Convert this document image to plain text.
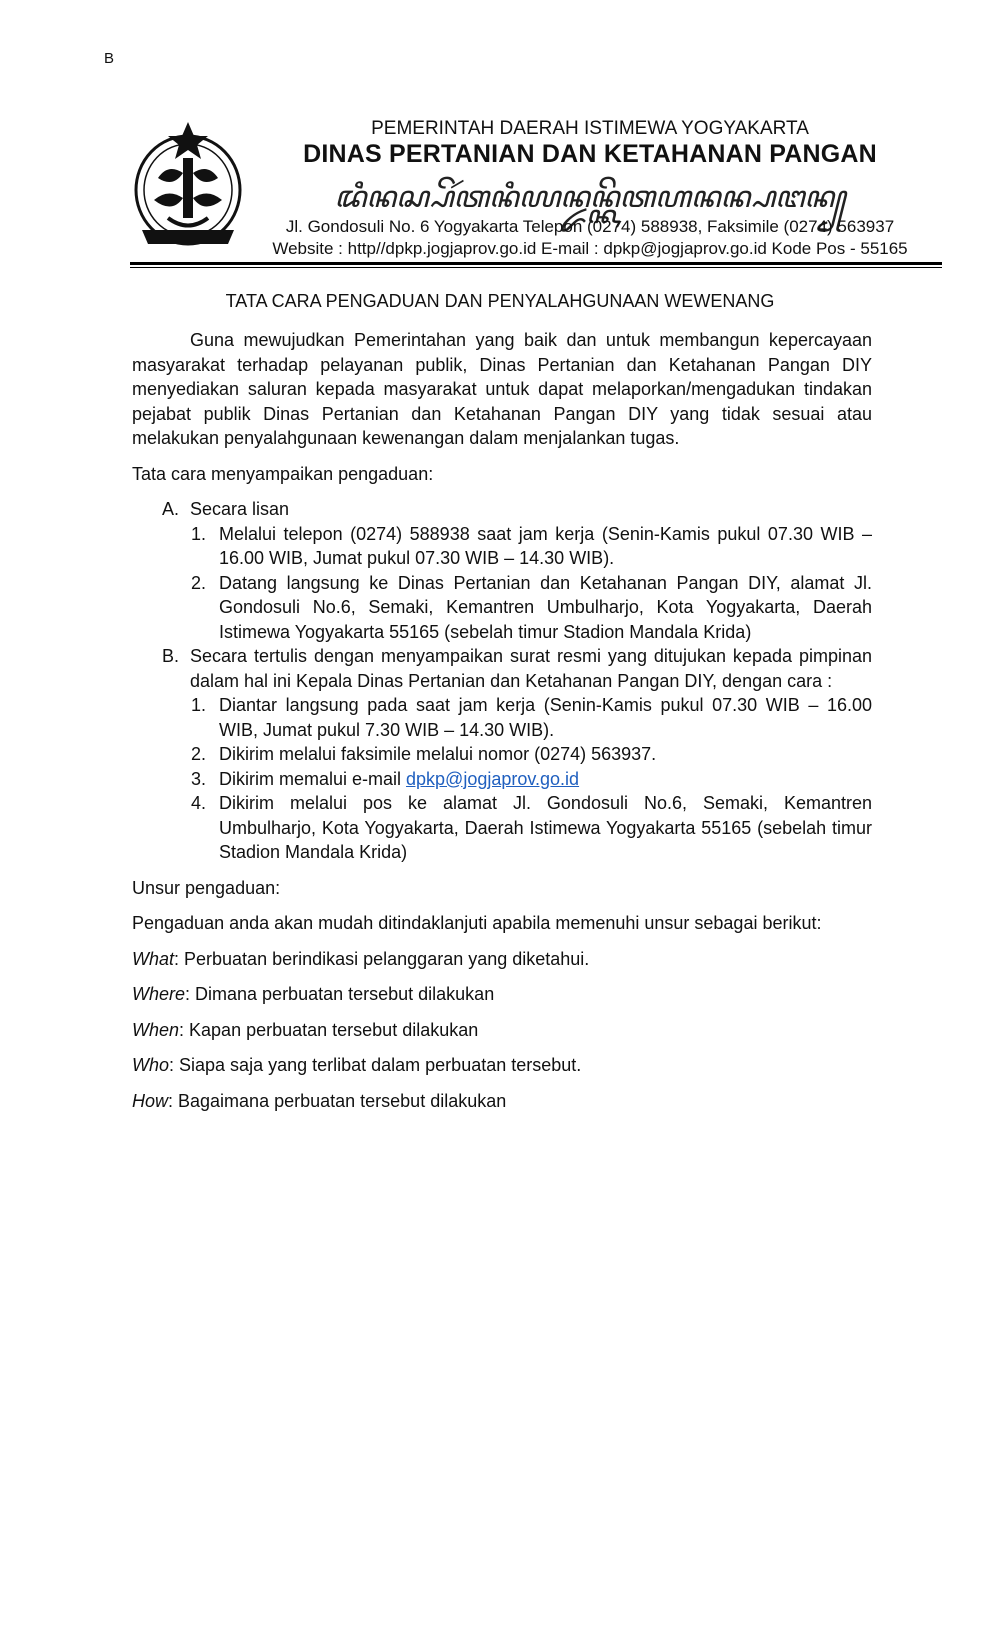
B
PEMERINTAH DAERAH ISTIMEWA YOGYAKARTA
DINAS PERTANIAN DAN KETAHANAN PANGAN
ꦢꦶꦤꦱ꧀ꦥꦼꦂꦠꦤꦶꦪꦤ꧀ꦢꦤ꧀ꦏꦼꦠꦲꦤꦤ꧀ꦥꦔꦤ꧀
Jl. Gondosuli No. 6 Yogyakarta Telepon (0274) 588938, Faksimile (0274) 563937
Website : http//dpkp.jogjaprov.go.id E-mail : dpkp@jogjaprov.go.id Kode Pos - 55165
TATA CARA PENGADUAN DAN PENYALAHGUNAAN WEWENANG

Guna mewujudkan Pemerintahan yang baik dan untuk membangun kepercayaan masyarakat terhadap pelayanan publik, Dinas Pertanian dan Ketahanan Pangan DIY menyediakan saluran kepada masyarakat untuk dapat melaporkan/mengadukan tindakan pejabat publik Dinas Pertanian dan Ketahanan Pangan DIY yang tidak sesuai atau melakukan penyalahgunaan kewenangan dalam menjalankan tugas.

Tata cara menyampaikan pengaduan:

A. Secara lisan
1. Melalui telepon (0274) 588938 saat jam kerja (Senin-Kamis pukul 07.30 WIB – 16.00 WIB, Jumat pukul 07.30 WIB – 14.30 WIB).
2. Datang langsung ke Dinas Pertanian dan Ketahanan Pangan DIY, alamat Jl. Gondosuli No.6, Semaki, Kemantren Umbulharjo, Kota Yogyakarta, Daerah Istimewa Yogyakarta 55165 (sebelah timur Stadion Mandala Krida)
B. Secara tertulis dengan menyampaikan surat resmi yang ditujukan kepada pimpinan dalam hal ini Kepala Dinas Pertanian dan Ketahanan Pangan DIY, dengan cara :
1. Diantar langsung pada saat jam kerja (Senin-Kamis pukul 07.30 WIB – 16.00 WIB, Jumat pukul 7.30 WIB – 14.30 WIB).
2. Dikirim melalui faksimile melalui nomor (0274) 563937.
3. Dikirim memalui e-mail dpkp@jogjaprov.go.id
4. Dikirim melalui pos ke alamat Jl. Gondosuli No.6, Semaki, Kemantren Umbulharjo, Kota Yogyakarta, Daerah Istimewa Yogyakarta 55165 (sebelah timur Stadion Mandala Krida)

Unsur pengaduan:

Pengaduan anda akan mudah ditindaklanjuti apabila memenuhi unsur sebagai berikut:

What: Perbuatan berindikasi pelanggaran yang diketahui.

Where: Dimana perbuatan tersebut dilakukan

When: Kapan perbuatan tersebut dilakukan

Who: Siapa saja yang terlibat dalam perbuatan tersebut.

How: Bagaimana perbuatan tersebut dilakukan
